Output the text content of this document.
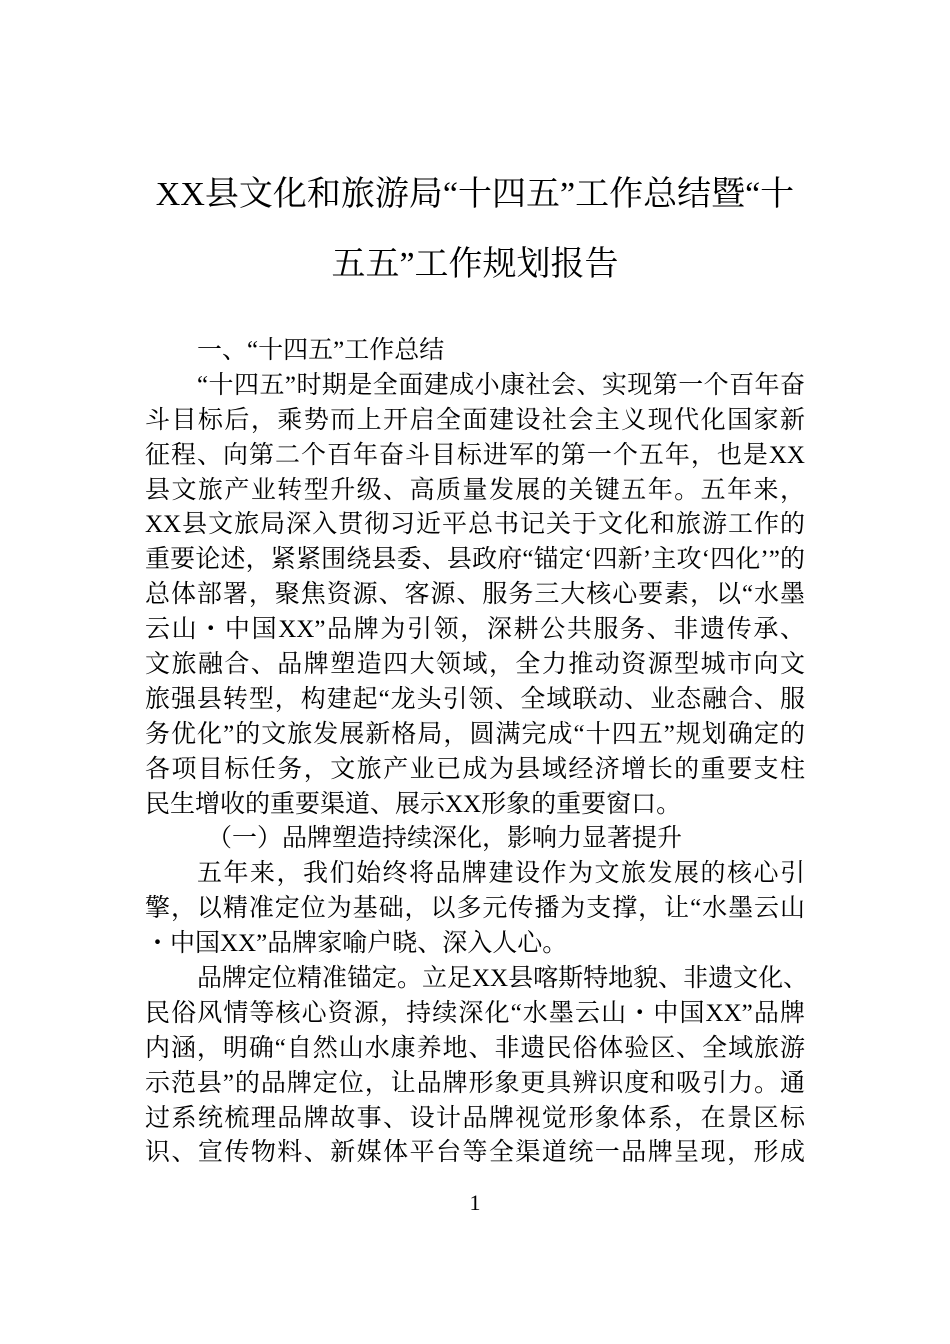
XX县文化和旅游局“十四五”工作总结暨“十
五五”工作规划报告
一、“十四五”工作总结
“十四五”时期是全面建成小康社会、实现第一个百年奋
斗目标后，乘势而上开启全面建设社会主义现代化国家新
征程、向第二个百年奋斗目标进军的第一个五年，也是XX
县文旅产业转型升级、高质量发展的关键五年。五年来，
XX县文旅局深入贯彻习近平总书记关于文化和旅游工作的
重要论述，紧紧围绕县委、县政府“锚定‘四新’主攻‘四化’”的
总体部署，聚焦资源、客源、服务三大核心要素，以“水墨
云山・中国XX”品牌为引领，深耕公共服务、非遗传承、
文旅融合、品牌塑造四大领域，全力推动资源型城市向文
旅强县转型，构建起“龙头引领、全域联动、业态融合、服
务优化”的文旅发展新格局，圆满完成“十四五”规划确定的
各项目标任务，文旅产业已成为县域经济增长的重要支柱
民生增收的重要渠道、展示XX形象的重要窗口。
（一）品牌塑造持续深化，影响力显著提升
五年来，我们始终将品牌建设作为文旅发展的核心引
擎，以精准定位为基础，以多元传播为支撑，让“水墨云山
・中国XX”品牌家喻户晓、深入人心。
品牌定位精准锚定。立足XX县喀斯特地貌、非遗文化、
民俗风情等核心资源，持续深化“水墨云山・中国XX”品牌
内涵，明确“自然山水康养地、非遗民俗体验区、全域旅游
示范县”的品牌定位，让品牌形象更具辨识度和吸引力。通
过系统梳理品牌故事、设计品牌视觉形象体系，在景区标
识、宣传物料、新媒体平台等全渠道统一品牌呈现，形成
1
